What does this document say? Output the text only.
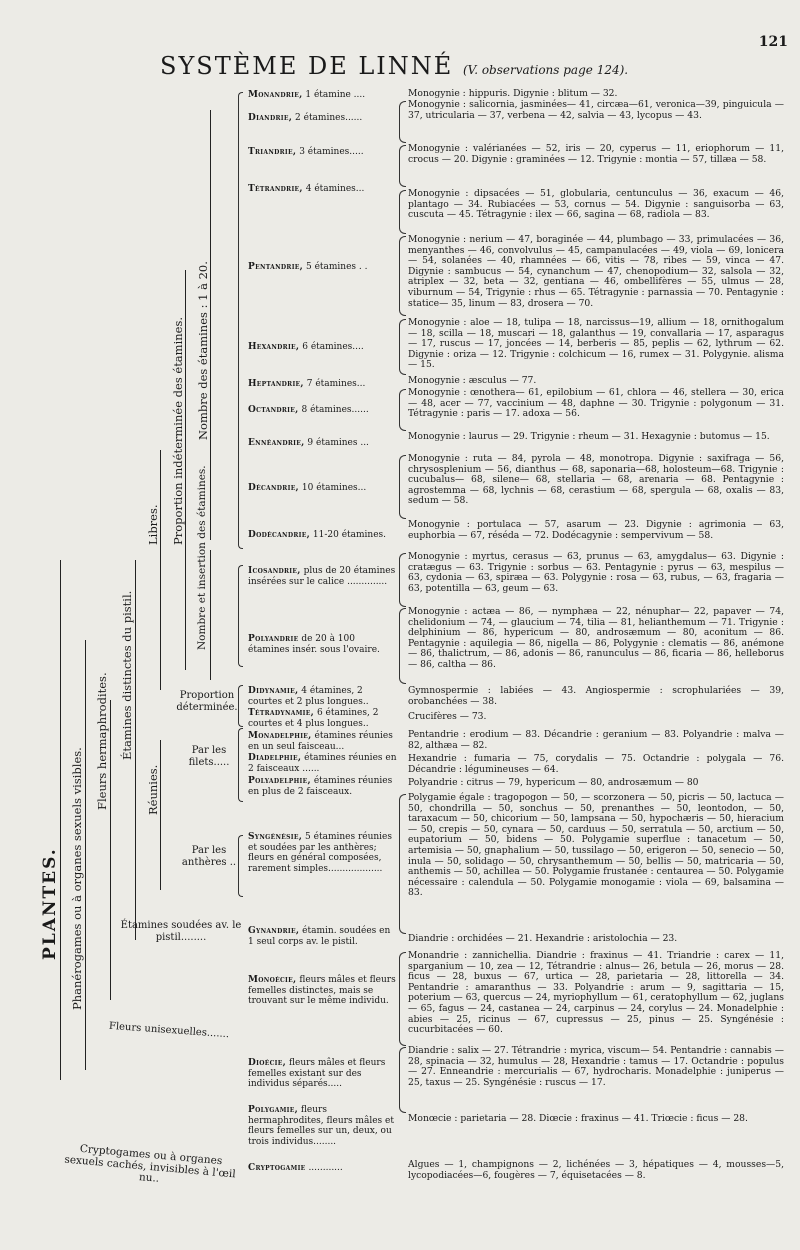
121
SYSTÈME DE LINNÉ (V. observations page 124).
PLANTES. Phanérogames ou à organes sexuels visibles.
Fleurs hermaphrodites. Étamines distinctes du pistil.
Libres.
Réunies.
Proportion indéterminée des étamines. Nombre des étamines : 1 à 20.
Nombre et insertion des étamines.
Proportion déterminée.
Par les filets.....
Par les anthères ..
Étamines soudées av. le pistil........
Fleurs unisexuelles.......
Cryptogames ou à organes sexuels cachés, invisibles à l'œil nu..
Monandrie, 1 étamine ....
Diandrie, 2 étamines......
Triandrie, 3 étamines.....
Tétrandrie, 4 étamines...
Pentandrie, 5 étamines . .
Hexandrie, 6 étamines....
Heptandrie, 7 étamines...
Octandrie, 8 étamines......
Ennéandrie, 9 étamines ...
Décandrie, 10 étamines...
Dodécandrie, 11-20 étamines.
Icosandrie, plus de 20 étamines insérées sur le calice ..............
Polyandrie de 20 à 100 étamines insér. sous l'ovaire.
Didynamie, 4 étamines, 2 courtes et 2 plus longues..
Tétradynamie, 6 étamines, 2 courtes et 4 plus longues..
Monadelphie, étamines réunies en un seul faisceau...
Diadelphie, étamines réunies en 2 faisceaux ......
Polyadelphie, étamines réunies en plus de 2 faisceaux.
Syngénésie, 5 étamines réunies et soudées par les anthères; fleurs en général composées, rarement simples...................
Gynandrie, étamin. soudées en 1 seul corps av. le pistil.
Monoécie, fleurs mâles et fleurs femelles distinctes, mais se trouvant sur le même individu.
Dioécie, fleurs mâles et fleurs femelles existant sur des individus séparés.....
Polygamie, fleurs hermaphrodites, fleurs mâles et fleurs femelles sur un, deux, ou trois individus........
Cryptogamie ............
Monogynie : hippuris. Digynie : blitum — 32.
Monogynie : salicornia, jasminées— 41, circæa—61, veronica—39, pinguicula — 37, utricularia — 37, verbena — 42, salvia — 43, lycopus — 43.
Monogynie : valérianées — 52, iris — 20, cyperus — 11, eriophorum — 11, crocus — 20. Digynie : graminées — 12. Trigynie : montia — 57, tillæa — 58.
Monogynie : dipsacées — 51, globularia, centunculus — 36, exacum — 46, plantago — 34. Rubiacées — 53, cornus — 54. Digynie : sanguisorba — 63, cuscuta — 45. Tétragynie : ilex — 66, sagina — 68, radiola — 83.
Monogynie : nerium — 47, boraginée — 44, plumbago — 33, primulacées — 36, menyanthes — 46, convolvulus — 45, campanulacées — 49, viola — 69, lonicera — 54, solanées — 40, rhamnées — 66, vitis — 78, ribes — 59, vinca — 47. Digynie : sambucus — 54, cynanchum — 47, chenopodium— 32, salsola — 32, atriplex — 32, beta — 32, gentiana — 46, ombellifères — 55, ulmus — 28, viburnum — 54, Trigynie : rhus — 65. Tétragynie : parnassia — 70. Pentagynie : statice— 35, linum — 83, drosera — 70.
Monogynie : aloe — 18, tulipa — 18, narcissus—19, allium — 18, ornithogalum — 18, scilla — 18, muscari — 18, galanthus — 19, convallaria — 17, asparagus — 17, ruscus — 17, joncées — 14, berberis — 85, peplis — 62, lythrum — 62. Digynie : oriza — 12. Trigynie : colchicum — 16, rumex — 31. Polygynie. alisma — 15.
Monogynie : æsculus — 77.
Monogynie : œnothera— 61, epilobium — 61, chlora — 46, stellera — 30, erica — 48, acer — 77, vaccinium — 48, daphne — 30. Trigynie : polygonum — 31. Tétragynie : paris — 17. adoxa — 56.
Monogynie : laurus — 29. Trigynie : rheum — 31. Hexagynie : butomus — 15.
Monogynie : ruta — 84, pyrola — 48, monotropa. Digynie : saxifraga — 56, chrysosplenium — 56, dianthus — 68, saponaria—68, holosteum—68. Trigynie : cucubalus— 68, silene— 68, stellaria — 68, arenaria — 68. Pentagynie : agrostemma — 68, lychnis — 68, cerastium — 68, spergula — 68, oxalis — 83, sedum — 58.
Monogynie : portulaca — 57, asarum — 23. Digynie : agrimonia — 63, euphorbia — 67, réséda — 72. Dodécagynie : sempervivum — 58.
Monogynie : myrtus, cerasus — 63, prunus — 63, amygdalus— 63. Digynie : cratægus — 63. Trigynie : sorbus — 63. Pentagynie : pyrus — 63, mespilus — 63, cydonia — 63, spiræa — 63. Polygynie : rosa — 63, rubus, — 63, fragaria — 63, potentilla — 63, geum — 63.
Monogynie : actæa — 86, — nymphæa — 22, nénuphar— 22, papaver — 74, chelidonium — 74, — glaucium — 74, tilia — 81, helianthemum — 71. Trigynie : delphinium — 86, hypericum — 80, androsæmum — 80, aconitum — 86. Pentagynie : aquilegia — 86, nigella — 86, Polygynie : clematis — 86, anémone — 86, thalictrum, — 86, adonis — 86, ranunculus — 86, ficaria — 86, helleborus — 86, caltha — 86.
Gymnospermie : labiées — 43. Angiospermie : scrophulariées — 39, orobanchées — 38.
Crucifères — 73.
Pentandrie : erodium — 83. Décandrie : geranium — 83. Polyandrie : malva — 82, althæa — 82.
Hexandrie : fumaria — 75, corydalis — 75. Octandrie : polygala — 76. Décandrie : légumineuses — 64.
Polyandrie : citrus — 79, hypericum — 80, androsæmum — 80
Polygamie égale : tragopogon — 50, — scorzonera — 50, picris — 50, lactuca — 50, chondrilla — 50, sonchus — 50, prenanthes — 50, leontodon, — 50, taraxacum — 50, chicorium — 50, lampsana — 50, hypochæris — 50, hieracium — 50, crepis — 50, cynara — 50, carduus — 50, serratula — 50, arctium — 50, eupatorium — 50, bidens — 50. Polygamie superflue : tanacetum — 50, artemisia — 50, gnaphalium — 50, tussilago — 50, erigeron — 50, senecio — 50, inula — 50, solidago — 50, chrysanthemum — 50, bellis — 50, matricaria — 50, anthemis — 50, achillea — 50. Polygamie frustanée : centaurea — 50. Polygamie nécessaire : calendula — 50. Polygamie monogamie : viola — 69, balsamina — 83.
Diandrie : orchidées — 21. Hexandrie : aristolochia — 23.
Monandrie : zannichellia. Diandrie : fraxinus — 41. Triandrie : carex — 11, sparganium — 10, zea — 12, Tétrandrie : alnus— 26, betula — 26, morus — 28. ficus — 28, buxus — 67, urtica — 28, parietaria — 28, littorella — 34. Pentandrie : amaranthus — 33. Polyandrie : arum — 9, sagittaria — 15, poterium — 63, quercus — 24, myriophyllum — 61, ceratophyllum — 62, juglans — 65, fagus — 24, castanea — 24, carpinus — 24, corylus — 24. Monadelphie : abies — 25, ricinus — 67, cupressus — 25, pinus — 25. Syngénésie : cucurbitacées — 60.
Diandrie : salix — 27. Tétrandrie : myrica, viscum— 54. Pentandrie : cannabis — 28, spinacia — 32, humulus — 28, Hexandrie : tamus — 17. Octandrie : populus — 27. Enneandrie : mercurialis — 67, hydrocharis. Monadelphie : juniperus — 25, taxus — 25. Syngénésie : ruscus — 17.
Monœcie : parietaria — 28. Diœcie : fraxinus — 41. Triœcie : ficus — 28.
Algues — 1, champignons — 2, lichénées — 3, hépatiques — 4, mousses—5, lycopodiacées—6, fougères — 7, équisetacées — 8.
